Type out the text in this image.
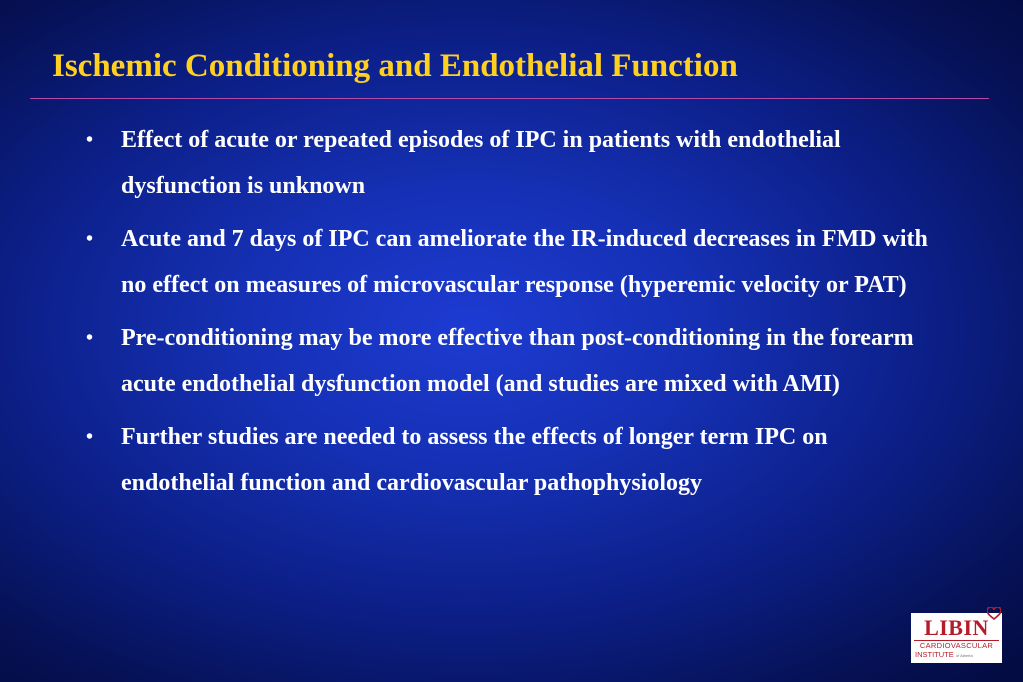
Ischemic Conditioning and Endothelial Function
• Effect of acute or repeated episodes of IPC in patients with endothelial dysfunction is unknown
• Acute and 7 days of IPC can ameliorate the IR-induced decreases in FMD with no effect on measures of microvascular response (hyperemic velocity or PAT)
• Pre-conditioning may be more effective than post-conditioning in the forearm acute endothelial dysfunction model (and studies are mixed with AMI)
• Further studies are needed to assess the effects of longer term IPC on endothelial function and cardiovascular pathophysiology
LIBIN
CARDIOVASCULAR
INSTITUTE of Alberta
